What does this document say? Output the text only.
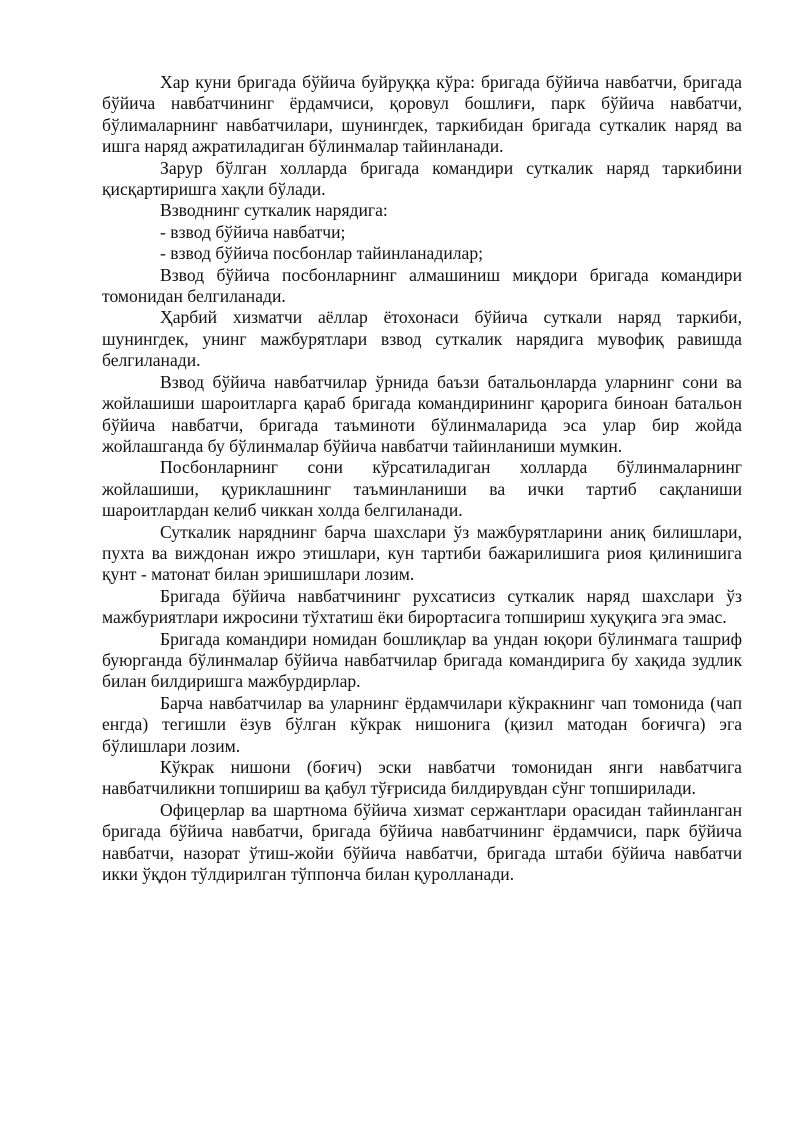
Хар куни бригада бўйича буйруққа кўра: бригада бўйича навбатчи, бригада бўйича навбатчининг ёрдамчиси, қоровул бошлиғи, парк бўйича навбатчи, бўлималарнинг навбатчилари, шунингдек, таркибидан бригада суткалик наряд ва ишга наряд ажратиладиган бўлинмалар тайинланади.

Зарур бўлган холларда бригада командири суткалик наряд таркибини қисқартиришга хақли бўлади.

Взводнинг суткалик нарядига:

- взвод бўйича навбатчи;

- взвод бўйича посбонлар тайинланадилар;

Взвод бўйича посбонларнинг алмашиниш миқдори бригада командири томонидан белгиланади.

Ҳарбий хизматчи аёллар ётохонаси бўйича суткали наряд таркиби, шунингдек, унинг мажбурятлари взвод суткалик нарядига мувофиқ равишда белгиланади.

Взвод бўйича навбатчилар ўрнида баъзи батальонларда уларнинг сони ва жойлашиши шароитларга қараб бригада командирининг қарорига биноан батальон бўйича навбатчи, бригада таъминоти бўлинмаларида эса улар бир жойда жойлашганда бу бўлинмалар бўйича навбатчи тайинланиши мумкин.

Посбонларнинг сони кўрсатиладиган холларда бўлинмаларнинг жойлашиши, қуриклашнинг таъминланиши ва ички тартиб сақланиши шароитлардан келиб чиккан холда белгиланади.

Суткалик наряднинг барча шахслари ўз мажбурятларини аниқ билишлари, пухта ва виждонан ижро этишлари, кун тартиби бажарилишига риоя қилинишига қунт - матонат билан эришишлари лозим.

Бригада бўйича навбатчининг рухсатисиз суткалик наряд шахслари ўз мажбуриятлари ижросини тўхтатиш ёки бирортасига топшириш хуқуқига эга эмас.

Бригада командири номидан бошлиқлар ва ундан юқори бўлинмага ташриф буюрганда бўлинмалар бўйича навбатчилар бригада командирига бу хақида зудлик билан билдиришга мажбурдирлар.

Барча навбатчилар ва уларнинг ёрдамчилари кўкракнинг чап томонида (чап енгда) тегишли ёзув бўлган кўкрак нишонига (қизил матодан боғичга) эга бўлишлари лозим.

Кўкрак нишони (боғич) эски навбатчи томонидан янги навбатчига навбатчиликни топшириш ва қабул тўғрисида билдирувдан сўнг топширилади.

Офицерлар ва шартнома бўйича хизмат сержантлари орасидан тайинланган бригада бўйича навбатчи, бригада бўйича навбатчининг ёрдамчиси, парк бўйича навбатчи, назорат ўтиш-жойи бўйича навбатчи, бригада штаби бўйича навбатчи икки ўқдон тўлдирилган тўппонча билан қуролланади.
